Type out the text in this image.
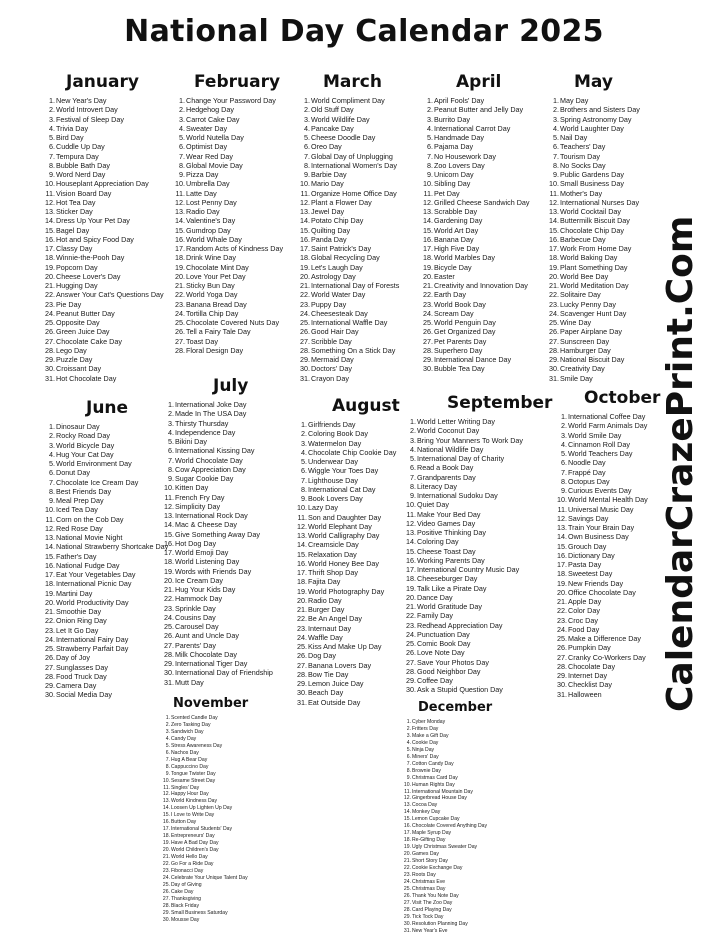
National Day Calendar 2025
January
1.New Year's Day
2.World Introvert Day
3.Festival of Sleep Day
4.Trivia Day
5.Bird Day
6.Cuddle Up Day
7.Tempura Day
8.Bubble Bath Day
9.Word Nerd Day
10.Houseplant Appreciation Day
11.Vision Board Day
12.Hot Tea Day
13.Sticker Day
14.Dress Up Your Pet Day
15.Bagel Day
16.Hot and Spicy Food Day
17.Classy Day
18.Winnie-the-Pooh Day
19.Popcorn Day
20.Cheese Lover's Day
21.Hugging Day
22.Answer Your Cat's Questions Day
23.Pie Day
24.Peanut Butter Day
25.Opposite Day
26.Green Juice Day
27.Chocolate Cake Day
28.Lego Day
29.Puzzle Day
30.Croissant Day
31.Hot Chocolate Day
February
1.Change Your Password Day
2.Hedgehog Day
3.Carrot Cake Day
4.Sweater Day
5.World Nutella Day
6.Optimist Day
7.Wear Red Day
8.Global Movie Day
9.Pizza Day
10.Umbrella Day
11.Latte Day
12.Lost Penny Day
13.Radio Day
14.Valentine's Day
15.Gumdrop Day
16.World Whale Day
17.Random Acts of Kindness Day
18.Drink Wine Day
19.Chocolate Mint Day
20.Love Your Pet Day
21.Sticky Bun Day
22.World Yoga Day
23.Banana Bread Day
24.Tortilla Chip Day
25.Chocolate Covered Nuts Day
26.Tell a Fairy Tale Day
27.Toast Day
28.Floral Design Day
March
1.World Compliment Day
2.Old Stuff Day
3.World Wildlife Day
4.Pancake Day
5.Cheese Doodle Day
6.Oreo Day
7.Global Day of Unplugging
8.International Women's Day
9.Barbie Day
10.Mario Day
11.Organize Home Office Day
12.Plant a Flower Day
13.Jewel Day
14.Potato Chip Day
15.Quilting Day
16.Panda Day
17.Saint Patrick's Day
18.Global Recycling Day
19.Let's Laugh Day
20.Astrology Day
21.International Day of Forests
22.World Water Day
23.Puppy Day
24.Cheesesteak Day
25.International Waffle Day
26.Good Hair Day
27.Scribble Day
28.Something On a Stick Day
29.Mermaid Day
30.Doctors' Day
31.Crayon Day
April
1.April Fools' Day
2.Peanut Butter and Jelly Day
3.Burrito Day
4.International Carrot Day
5.Handmade Day
6.Pajama Day
7.No Housework Day
8.Zoo Lovers Day
9.Unicorn Day
10.Sibling Day
11.Pet Day
12.Grilled Cheese Sandwich Day
13.Scrabble Day
14.Gardening Day
15.World Art Day
16.Banana Day
17.High Five Day
18.World Marbles Day
19.Bicycle Day
20.Easter
21.Creativity and Innovation Day
22.Earth Day
23.World Book Day
24.Scream Day
25.World Penguin Day
26.Get Organized Day
27.Pet Parents Day
28.Superhero Day
29.International Dance Day
30.Bubble Tea Day
May
1.May Day
2.Brothers and Sisters Day
3.Spring Astronomy Day
4.World Laughter Day
5.Nail Day
6.Teachers' Day
7.Tourism Day
8.No Socks Day
9.Public Gardens Day
10.Small Business Day
11.Mother's Day
12.International Nurses Day
13.World Cocktail Day
14.Buttermilk Biscuit Day
15.Chocolate Chip Day
16.Barbecue Day
17.Work From Home Day
18.World Baking Day
19.Plant Something Day
20.World Bee Day
21.World Meditation Day
22.Solitaire Day
23.Lucky Penny Day
24.Scavenger Hunt Day
25.Wine Day
26.Paper Airplane Day
27.Sunscreen Day
28.Hamburger Day
29.National Biscuit Day
30.Creativity Day
31.Smile Day
June
1.Dinosaur Day
2.Rocky Road Day
3.World Bicycle Day
4.Hug Your Cat Day
5.World Environment Day
6.Donut Day
7.Chocolate Ice Cream Day
8.Best Friends Day
9.Meal Prep Day
10.Iced Tea Day
11.Corn on the Cob Day
12.Red Rose Day
13.National Movie Night
14.National Strawberry Shortcake Day
15.Father's Day
16.National Fudge Day
17.Eat Your Vegetables Day
18.International Picnic Day
19.Martini Day
20.World Productivity Day
21.Smoothie Day
22.Onion Ring Day
23.Let It Go Day
24.International Fairy Day
25.Strawberry Parfait Day
26.Day of Joy
27.Sunglasses Day
28.Food Truck Day
29.Camera Day
30.Social Media Day
July
1.International Joke Day
2.Made In The USA Day
3.Thirsty Thursday
4.Independence Day
5.Bikini Day
6.International Kissing Day
7.World Chocolate Day
8.Cow Appreciation Day
9.Sugar Cookie Day
10.Kitten Day
11.French Fry Day
12.Simplicity Day
13.International Rock Day
14.Mac & Cheese Day
15.Give Something Away Day
16.Hot Dog Day
17.World Emoji Day
18.World Listening Day
19.Words with Friends Day
20.Ice Cream Day
21.Hug Your Kids Day
22.Hammock Day
23.Sprinkle Day
24.Cousins Day
25.Carousel Day
26.Aunt and Uncle Day
27.Parents' Day
28.Milk Chocolate Day
29.International Tiger Day
30.International Day of Friendship
31.Mutt Day
August
1.Girlfriends Day
2.Coloring Book Day
3.Watermelon Day
4.Chocolate Chip Cookie Day
5.Underwear Day
6.Wiggle Your Toes Day
7.Lighthouse Day
8.International Cat Day
9.Book Lovers Day
10.Lazy Day
11.Son and Daughter Day
12.World Elephant Day
13.World Calligraphy Day
14.Creamsicle Day
15.Relaxation Day
16.World Honey Bee Day
17.Thrift Shop Day
18.Fajita Day
19.World Photography Day
20.Radio Day
21.Burger Day
22.Be An Angel Day
23.Internaut Day
24.Waffle Day
25.Kiss And Make Up Day
26.Dog Day
27.Banana Lovers Day
28.Bow Tie Day
29.Lemon Juice Day
30.Beach Day
31.Eat Outside Day
September
1.World Letter Writing Day
2.World Coconut Day
3.Bring Your Manners To Work Day
4.National Wildlife Day
5.International Day of Charity
6.Read a Book Day
7.Grandparents Day
8.Literacy Day
9.International Sudoku Day
10.Quiet Day
11.Make Your Bed Day
12.Video Games Day
13.Positive Thinking Day
14.Coloring Day
15.Cheese Toast Day
16.Working Parents Day
17.International Country Music Day
18.Cheeseburger Day
19.Talk Like a Pirate Day
20.Dance Day
21.World Gratitude Day
22.Family Day
23.Redhead Appreciation Day
24.Punctuation Day
25.Comic Book Day
26.Love Note Day
27.Save Your Photos Day
28.Good Neighbor Day
29.Coffee Day
30.Ask a Stupid Question Day
October
1.International Coffee Day
2.World Farm Animals Day
3.World Smile Day
4.Cinnamon Roll Day
5.World Teachers Day
6.Noodle Day
7.Frappé Day
8.Octopus Day
9.Curious Events Day
10.World Mental Health Day
11.Universal Music Day
12.Savings Day
13.Train Your Brain Day
14.Own Business Day
15.Grouch Day
16.Dictionary Day
17.Pasta Day
18.Sweetest Day
19.New Friends Day
20.Office Chocolate Day
21.Apple Day
22.Color Day
23.Croc Day
24.Food Day
25.Make a Difference Day
26.Pumpkin Day
27.Cranky Co-Workers Day
28.Chocolate Day
29.Internet Day
30.Checklist Day
31.Halloween
November
1.Scented Candle Day
2.Zero Tasking Day
3.Sandwich Day
4.Candy Day
5.Stress Awareness Day
6.Nachos Day
7.Hug A Bear Day
8.Cappuccino Day
9.Tongue Twister Day
10.Sesame Street Day
11.Singles' Day
12.Happy Hour Day
13.World Kindness Day
14.Loosen Up Lighten Up Day
15.I Love to Write Day
16.Button Day
17.International Students' Day
18.Entrepreneurs' Day
19.Have A Bad Day Day
20.World Children's Day
21.World Hello Day
22.Go For a Ride Day
23.Fibonacci Day
24.Celebrate Your Unique Talent Day
25.Day of Giving
26.Cake Day
27.Thanksgiving
28.Black Friday
29.Small Business Saturday
30.Mousse Day
December
1.Cyber Monday
2.Fritters Day
3.Make a Gift Day
4.Cookie Day
5.Ninja Day
6.Miners' Day
7.Cotton Candy Day
8.Brownie Day
9.Christmas Card Day
10.Human Rights Day
11.International Mountain Day
12.Gingerbread House Day
13.Cocoa Day
14.Monkey Day
15.Lemon Cupcake Day
16.Chocolate Covered Anything Day
17.Maple Syrup Day
18.Re-Gifting Day
19.Ugly Christmas Sweater Day
20.Games Day
21.Short Story Day
22.Cookie Exchange Day
23.Roots Day
24.Christmas Eve
25.Christmas Day
26.Thank You Note Day
27.Visit The Zoo Day
28.Card Playing Day
29.Tick Tock Day
30.Resolution Planning Day
31.New Year's Eve
CalendarCrazePrint.Com
